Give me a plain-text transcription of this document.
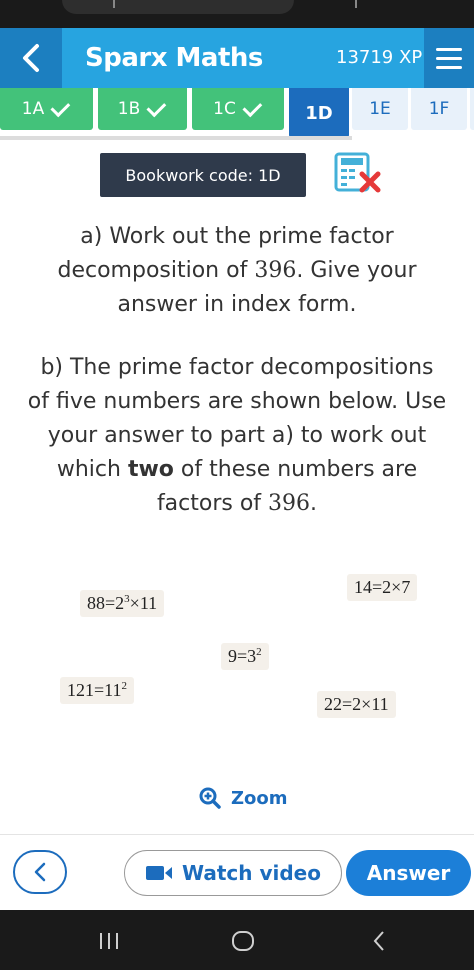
Sparx Maths	13719 XP
1A	1B	1C	1D 1E 1F
Bookwork code: 1D
a) Work out the prime factor
decomposition of 396. Give your
answer in index form.
b) The prime factor decompositions
of five numbers are shown below. Use
your answer to part a) to work out
which two of these numbers are
factors of 396.
14=2×7
$88=2^3\times 11$
$9=3^2$
$121=11^2$
22=2×11
Zoom
Watch video	Answer
